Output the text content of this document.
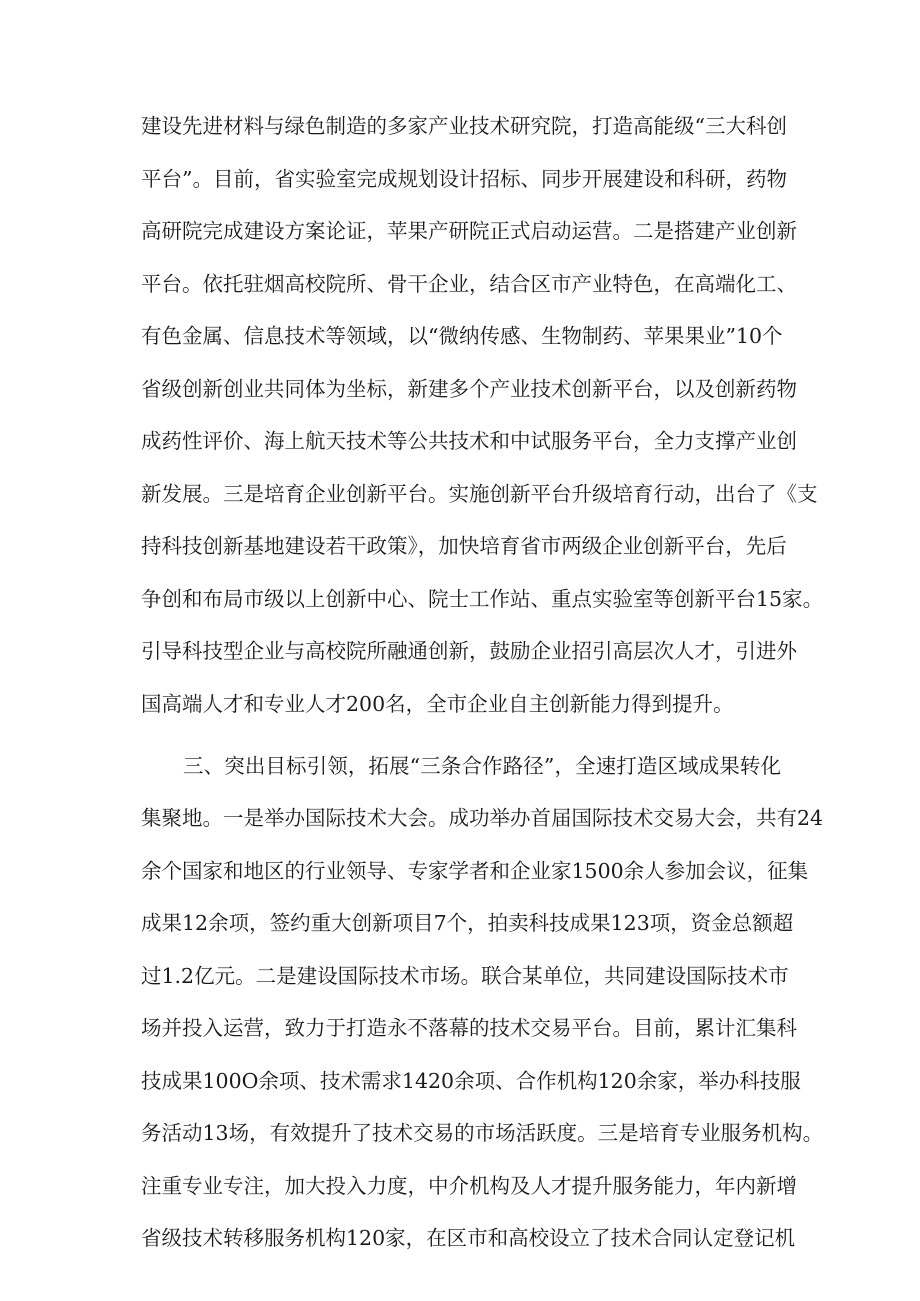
建设先进材料与绿色制造的多家产业技术研究院，打造高能级“三大科创
平台”。目前，省实验室完成规划设计招标、同步开展建设和科研，药物
高研院完成建设方案论证，苹果产研院正式启动运营。二是搭建产业创新
平台。依托驻烟高校院所、骨干企业，结合区市产业特色，在高端化工、
有色金属、信息技术等领域，以“微纳传感、生物制药、苹果果业”10个
省级创新创业共同体为坐标，新建多个产业技术创新平台，以及创新药物
成药性评价、海上航天技术等公共技术和中试服务平台，全力支撑产业创
新发展。三是培育企业创新平台。实施创新平台升级培育行动，出台了《支
持科技创新基地建设若干政策》，加快培育省市两级企业创新平台，先后
争创和布局市级以上创新中心、院士工作站、重点实验室等创新平台15家。
引导科技型企业与高校院所融通创新，鼓励企业招引高层次人才，引进外
国高端人才和专业人才200名，全市企业自主创新能力得到提升。
三、突出目标引领，拓展“三条合作路径”，全速打造区域成果转化
集聚地。一是举办国际技术大会。成功举办首届国际技术交易大会，共有24
余个国家和地区的行业领导、专家学者和企业家1500余人参加会议，征集
成果12余项，签约重大创新项目7个，拍卖科技成果123项，资金总额超
过1.2亿元。二是建设国际技术市场。联合某单位，共同建设国际技术市
场并投入运营，致力于打造永不落幕的技术交易平台。目前，累计汇集科
技成果100O余项、技术需求1420余项、合作机构120余家，举办科技服
务活动13场，有效提升了技术交易的市场活跃度。三是培育专业服务机构。
注重专业专注，加大投入力度，中介机构及人才提升服务能力，年内新增
省级技术转移服务机构120家，在区市和高校设立了技术合同认定登记机
